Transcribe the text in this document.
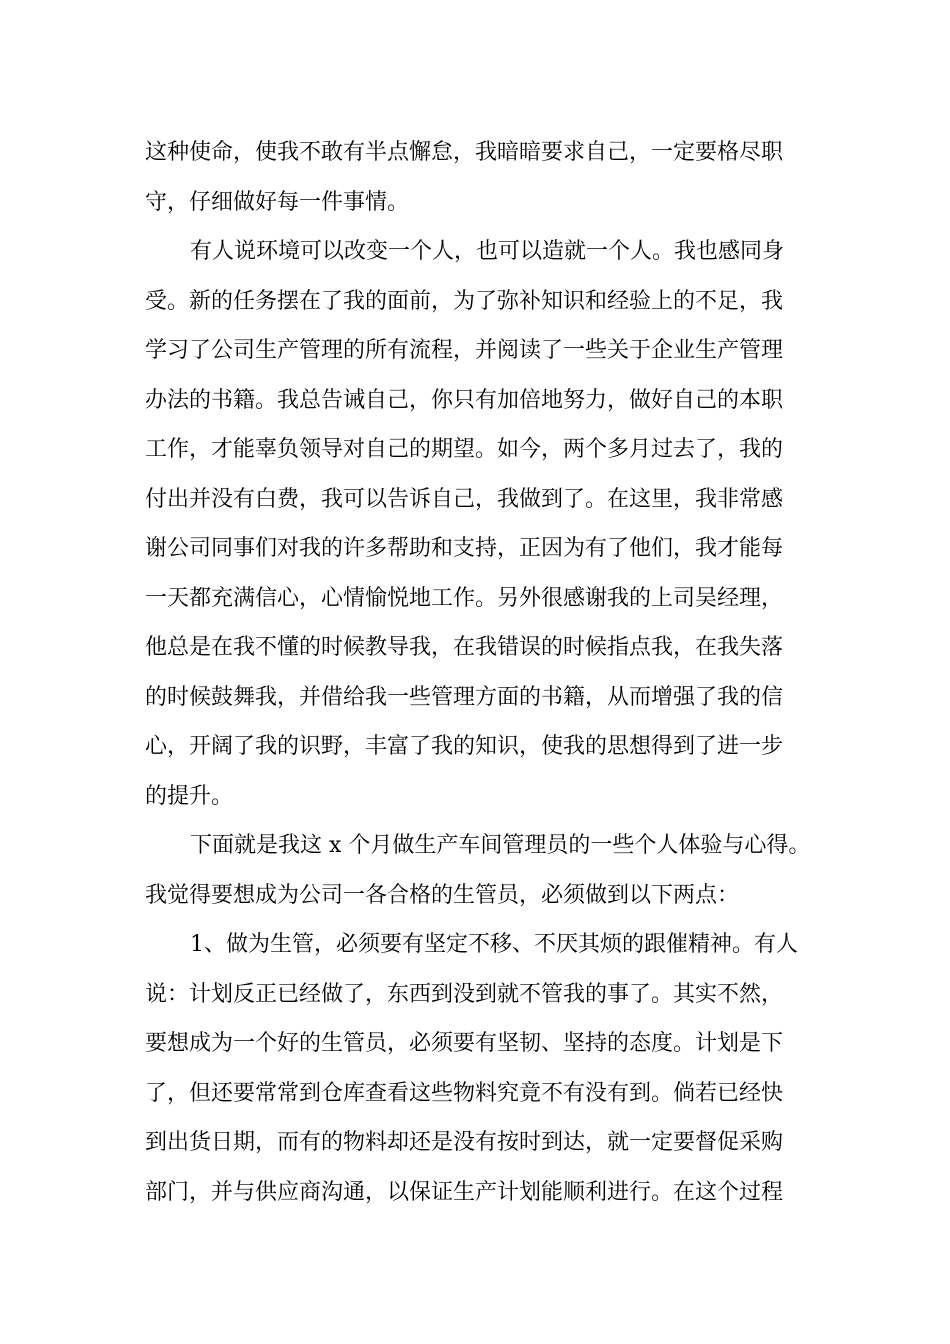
这种使命，使我不敢有半点懈怠，我暗暗要求自己，一定要格尽职
守，仔细做好每一件事情。
有人说环境可以改变一个人，也可以造就一个人。我也感同身
受。新的任务摆在了我的面前，为了弥补知识和经验上的不足，我
学习了公司生产管理的所有流程，并阅读了一些关于企业生产管理
办法的书籍。我总告诫自己，你只有加倍地努力，做好自己的本职
工作，才能辜负领导对自己的期望。如今，两个多月过去了，我的
付出并没有白费，我可以告诉自己，我做到了。在这里，我非常感
谢公司同事们对我的许多帮助和支持，正因为有了他们，我才能每
一天都充满信心，心情愉悦地工作。另外很感谢我的上司吴经理，
他总是在我不懂的时候教导我，在我错误的时候指点我，在我失落
的时候鼓舞我，并借给我一些管理方面的书籍，从而增强了我的信
心，开阔了我的识野，丰富了我的知识，使我的思想得到了进一步
的提升。
下面就是我这 x 个月做生产车间管理员的一些个人体验与心得。
我觉得要想成为公司一各合格的生管员，必须做到以下两点：
1、做为生管，必须要有坚定不移、不厌其烦的跟催精神。有人
说：计划反正已经做了，东西到没到就不管我的事了。其实不然，
要想成为一个好的生管员，必须要有坚韧、坚持的态度。计划是下
了，但还要常常到仓库查看这些物料究竟不有没有到。倘若已经快
到出货日期，而有的物料却还是没有按时到达，就一定要督促采购
部门，并与供应商沟通，以保证生产计划能顺利进行。在这个过程
